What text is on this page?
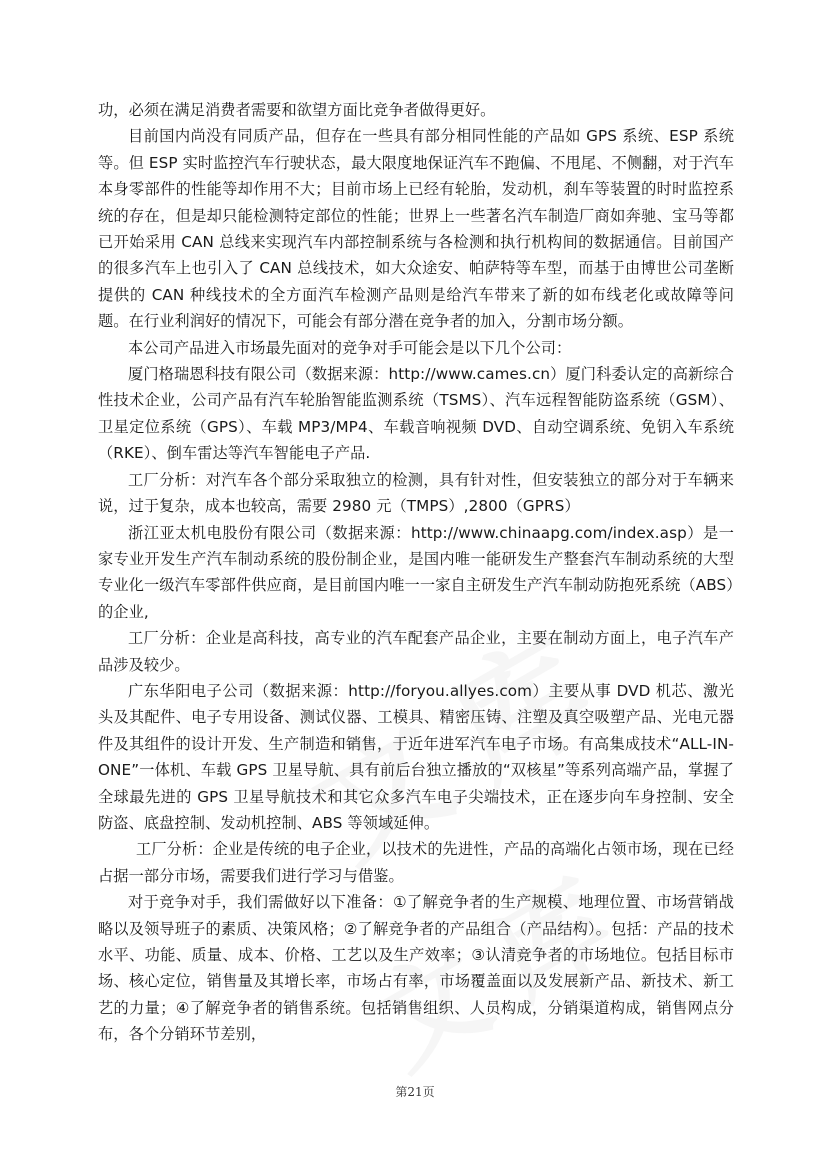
功，必须在满足消费者需要和欲望方面比竞争者做得更好。

目前国内尚没有同质产品，但存在一些具有部分相同性能的产品如 GPS 系统、ESP 系统等。但 ESP 实时监控汽车行驶状态，最大限度地保证汽车不跑偏、不甩尾、不侧翻，对于汽车本身零部件的性能等却作用不大；目前市场上已经有轮胎，发动机，刹车等装置的时时监控系统的存在，但是却只能检测特定部位的性能；世界上一些著名汽车制造厂商如奔驰、宝马等都已开始采用 CAN 总线来实现汽车内部控制系统与各检测和执行机构间的数据通信。目前国产的很多汽车上也引入了 CAN 总线技术，如大众途安、帕萨特等车型，而基于由博世公司垄断提供的 CAN 种线技术的全方面汽车检测产品则是给汽车带来了新的如布线老化或故障等问题。在行业利润好的情况下，可能会有部分潜在竞争者的加入，分割市场分额。

本公司产品进入市场最先面对的竞争对手可能会是以下几个公司：

厦门格瑞恩科技有限公司（数据来源：http://www.cames.cn）厦门科委认定的高新综合性技术企业，公司产品有汽车轮胎智能监测系统（TSMS）、汽车远程智能防盗系统（GSM）、卫星定位系统（GPS）、车载 MP3/MP4、车载音响视频 DVD、自动空调系统、免钥入车系统（RKE）、倒车雷达等汽车智能电子产品.

工厂分析：对汽车各个部分采取独立的检测，具有针对性，但安装独立的部分对于车辆来说，过于复杂，成本也较高，需要 2980 元（TMPS）,2800（GPRS）

浙江亚太机电股份有限公司（数据来源：http://www.chinaapg.com/index.asp）是一家专业开发生产汽车制动系统的股份制企业，是国内唯一能研发生产整套汽车制动系统的大型专业化一级汽车零部件供应商，是目前国内唯一一家自主研发生产汽车制动防抱死系统（ABS）的企业,

工厂分析：企业是高科技，高专业的汽车配套产品企业，主要在制动方面上，电子汽车产品涉及较少。

广东华阳电子公司（数据来源：http://foryou.allyes.com）主要从事 DVD 机芯、激光头及其配件、电子专用设备、测试仪器、工模具、精密压铸、注塑及真空吸塑产品、光电元器件及其组件的设计开发、生产制造和销售，于近年进军汽车电子市场。有高集成技术“ALL-IN-ONE”一体机、车载 GPS 卫星导航、具有前后台独立播放的“双核星”等系列高端产品，掌握了全球最先进的 GPS 卫星导航技术和其它众多汽车电子尖端技术，正在逐步向车身控制、安全防盗、底盘控制、发动机控制、ABS 等领域延伸。

工厂分析：企业是传统的电子企业，以技术的先进性，产品的高端化占领市场，现在已经占据一部分市场，需要我们进行学习与借鉴。

对于竞争对手，我们需做好以下准备：①了解竞争者的生产规模、地理位置、市场营销战略以及领导班子的素质、决策风格；②了解竞争者的产品组合（产品结构）。包括：产品的技术水平、功能、质量、成本、价格、工艺以及生产效率；③认清竞争者的市场地位。包括目标市场、核心定位，销售量及其增长率，市场占有率，市场覆盖面以及发展新产品、新技术、新工艺的力量；④了解竞争者的销售系统。包括销售组织、人员构成，分销渠道构成，销售网点分布，各个分销环节差别，

第21页
